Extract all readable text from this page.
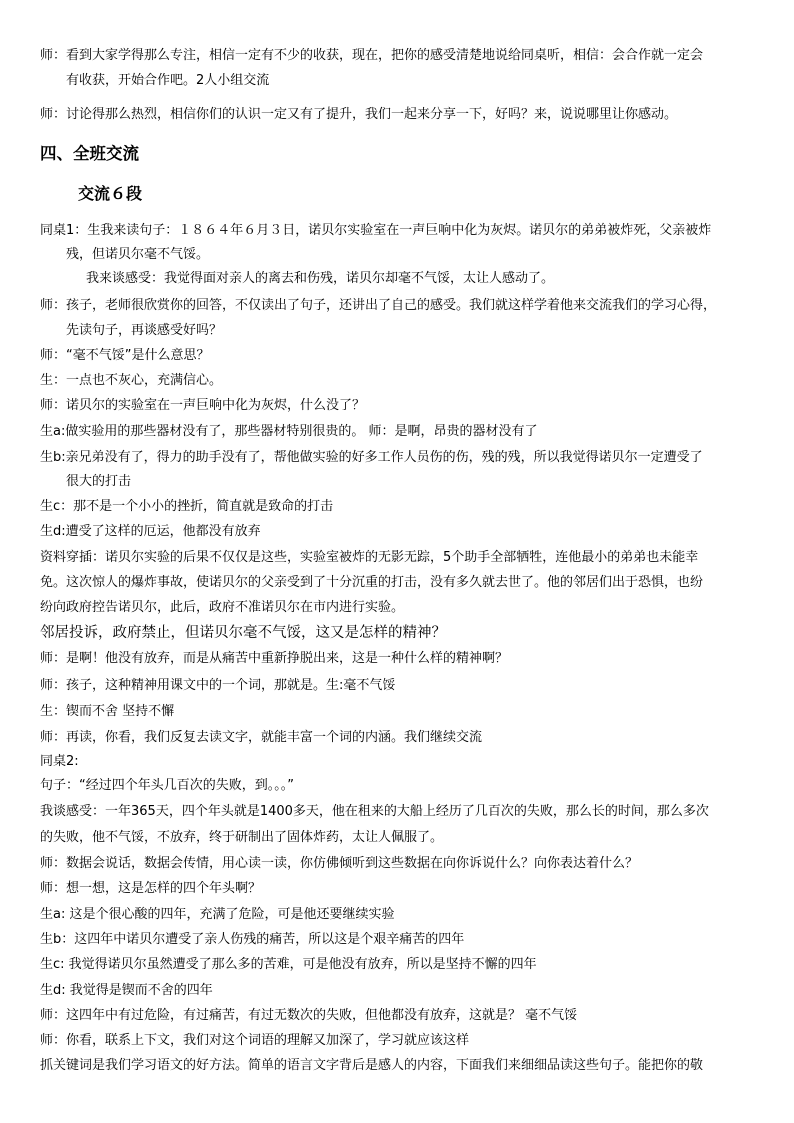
师：看到大家学得那么专注，相信一定有不少的收获，现在，把你的感受清楚地说给同桌听，相信：会合作就一定会
有收获，开始合作吧。2人小组交流
师：讨论得那么热烈，相信你们的认识一定又有了提升，我们一起来分享一下，好吗？来，说说哪里让你感动。
四、全班交流
交流６段
同桌1：生我来读句子：１８６４年６月３日，诺贝尔实验室在一声巨响中化为灰烬。诺贝尔的弟弟被炸死，父亲被炸
残，但诺贝尔毫不气馁。
我来谈感受：我觉得面对亲人的离去和伤残，诺贝尔却毫不气馁，太让人感动了。
师：孩子，老师很欣赏你的回答，不仅读出了句子，还讲出了自己的感受。我们就这样学着他来交流我们的学习心得，
先读句子，再谈感受好吗？
师：“毫不气馁”是什么意思？
生：一点也不灰心，充满信心。
师：诺贝尔的实验室在一声巨响中化为灰烬，什么没了？
生a:做实验用的那些器材没有了，那些器材特别很贵的。 师：是啊，昂贵的器材没有了
生b:亲兄弟没有了，得力的助手没有了，帮他做实验的好多工作人员伤的伤，残的残，所以我觉得诺贝尔一定遭受了
很大的打击
生c：那不是一个小小的挫折，简直就是致命的打击
生d:遭受了这样的厄运，他都没有放弃
资料穿插：诺贝尔实验的后果不仅仅是这些，实验室被炸的无影无踪，5个助手全部牺牲，连他最小的弟弟也未能幸
免。这次惊人的爆炸事故，使诺贝尔的父亲受到了十分沉重的打击，没有多久就去世了。他的邻居们出于恐惧，也纷
纷向政府控告诺贝尔，此后，政府不准诺贝尔在市内进行实验。
邻居投诉，政府禁止，但诺贝尔毫不气馁，这又是怎样的精神？
师：是啊！他没有放弃，而是从痛苦中重新挣脱出来，这是一种什么样的精神啊？
师：孩子，这种精神用课文中的一个词，那就是。生:毫不气馁
生：锲而不舍 坚持不懈
师：再读，你看，我们反复去读文字，就能丰富一个词的内涵。我们继续交流
同桌2:
句子：“经过四个年头几百次的失败，到。。。”
我谈感受：一年365天，四个年头就是1400多天，他在租来的大船上经历了几百次的失败，那么长的时间，那么多次
的失败，他不气馁，不放弃，终于研制出了固体炸药，太让人佩服了。
师：数据会说话，数据会传情，用心读一读，你仿佛倾听到这些数据在向你诉说什么？向你表达着什么？
师：想一想，这是怎样的四个年头啊？
生a: 这是个很心酸的四年，充满了危险，可是他还要继续实验
生b：这四年中诺贝尔遭受了亲人伤残的痛苦，所以这是个艰辛痛苦的四年
生c: 我觉得诺贝尔虽然遭受了那么多的苦难，可是他没有放弃，所以是坚持不懈的四年
生d: 我觉得是锲而不舍的四年
师：这四年中有过危险，有过痛苦，有过无数次的失败，但他都没有放弃，这就是？ 毫不气馁
师：你看，联系上下文，我们对这个词语的理解又加深了，学习就应该这样
抓关键词是我们学习语文的好方法。简单的语言文字背后是感人的内容，下面我们来细细品读这些句子。能把你的敬
